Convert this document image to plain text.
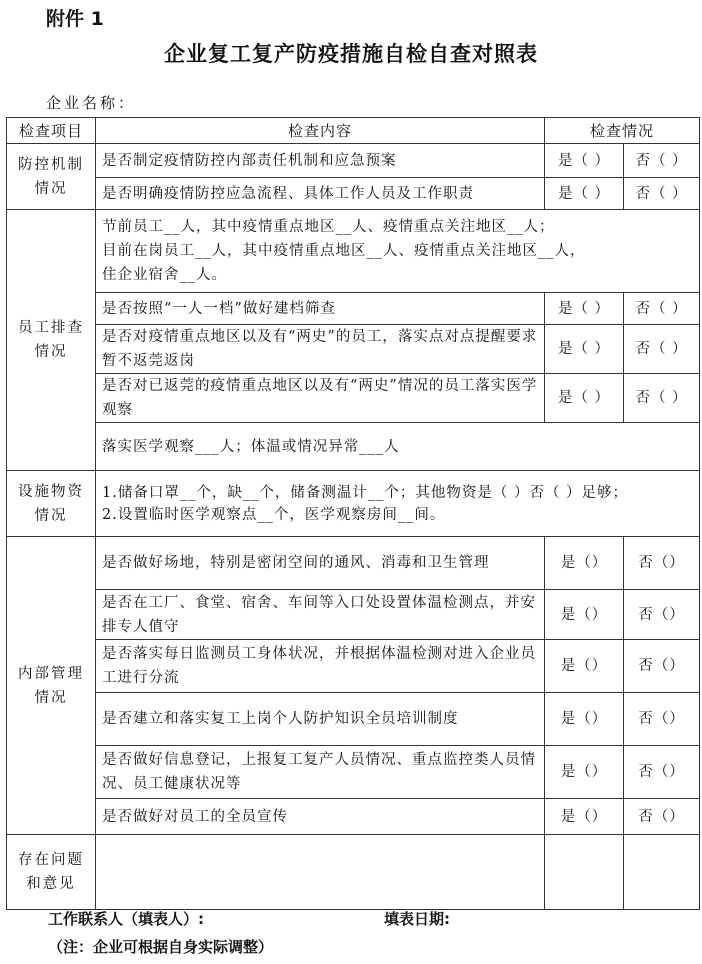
附件 1
企业复工复产防疫措施自检自查对照表
企业名称：
检查项目	检查内容	检查情况	
防控机制情况	是否制定疫情防控内部责任机制和应急预案	是（ ）	否（ ）
	是否明确疫情防控应急流程、具体工作人员及工作职责	是（ ）	否（ ）
员工排查情况	节前员工__人，其中疫情重点地区__人、疫情重点关注地区__人；
目前在岗员工__人，其中疫情重点地区__人、疫情重点关注地区__人，
住企业宿舍__人。		

	是否按照“一人一档”做好建档筛查	是（ ）	否（ ）
	是否对疫情重点地区以及有“两史”的员工，落实点对点提醒要求暂不返莞返岗	是（ ）	否（ ）
	是否对已返莞的疫情重点地区以及有“两史”情况的员工落实医学观察	是（ ）	否（ ）

	落实医学观察___人；体温或情况异常___人		

设施物资情况	1.储备口罩__个，缺__个，储备测温计__个；其他物资是（ ）否（ ）足够；
2.设置临时医学观察点__个，医学观察房间__间。		

内部管理情况	是否做好场地，特别是密闭空间的通风、消毒和卫生管理	是（）	否（）
	是否在工厂、食堂、宿舍、车间等入口处设置体温检测点，并安排专人值守	是（）	否（）
	是否落实每日监测员工身体状况，并根据体温检测对进入企业员工进行分流	是（）	否（）
	是否建立和落实复工上岗个人防护知识全员培训制度	是（）	否（）
	是否做好信息登记，上报复工复产人员情况、重点监控类人员情况、员工健康状况等	是（）	否（）
	是否做好对员工的全员宣传	是（）	否（）
存在问题和意见			
工作联系人（填表人）:	填表日期:
（注：企业可根据自身实际调整）
